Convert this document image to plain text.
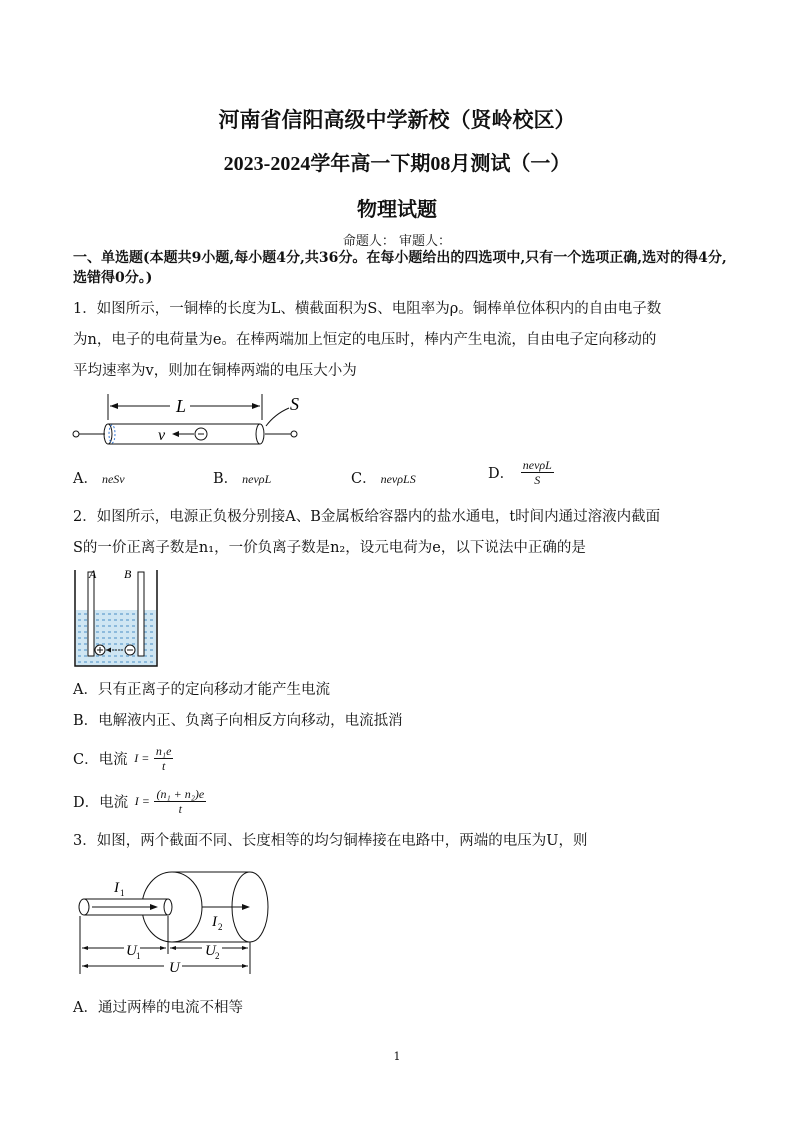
河南省信阳高级中学新校（贤岭校区）
2023-2024学年高一下期08月测试（一）
物理试题
命题人： 审题人：
一、单选题(本题共9小题,每小题4分,共36分。在每小题给出的四选项中,只有一个选项正确,选对的得4分,选错得0分。)
1．如图所示，一铜棒的长度为L、横截面积为S、电阻率为ρ。铜棒单位体积内的自由电子数
为n，电子的电荷量为e。在棒两端加上恒定的电压时，棒内产生电流，自由电子定向移动的
平均速率为v，则加在铜棒两端的电压大小为
L	S
v
A． neSv	B． nevρL	C． nevρLS	D． $\frac{\text{nevρL}}{S}$
2．如图所示，电源正负极分别接A、B金属板给容器内的盐水通电，t时间内通过溶液内截面
S的一价正离子数是n₁，一价负离子数是n₂，设元电荷为e，以下说法中正确的是
A B
A．只有正离子的定向移动才能产生电流
B．电解液内正、负离子向相反方向移动，电流抵消
C．电流 $I = \frac{\text{n₁e}}{t}$
D．电流 $I = \frac{\text{(n₁ + n₂)e}}{t}$
3．如图，两个截面不同、长度相等的均匀铜棒接在电路中，两端的电压为U，则
I 1
I 2
U 1	U 2
U
A．通过两棒的电流不相等
1
